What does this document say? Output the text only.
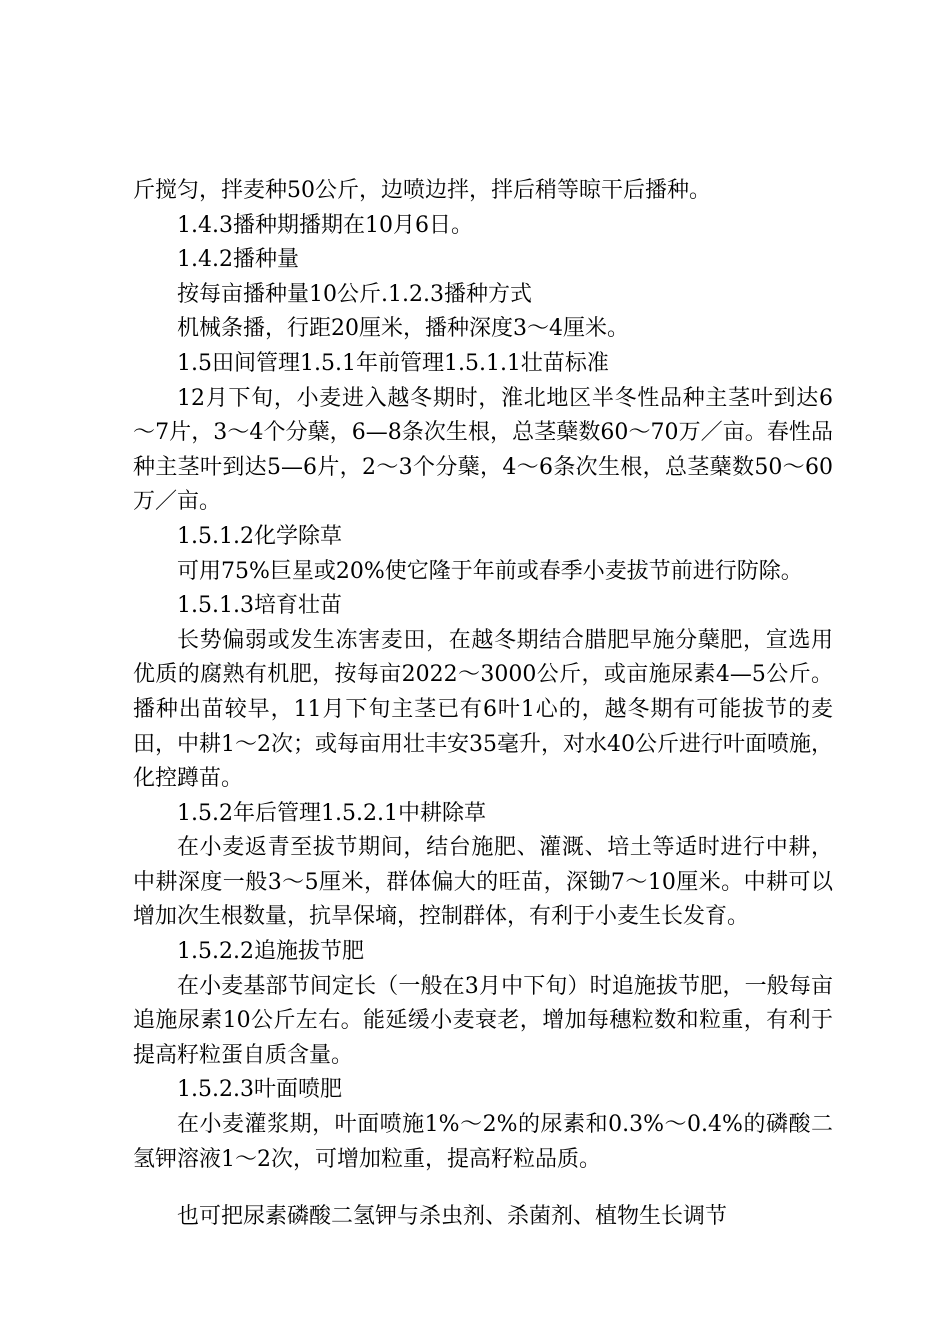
斤搅匀，拌麦种50公斤，边喷边拌，拌后稍等晾干后播种。

1.4.3播种期播期在10月6日。

1.4.2播种量

按每亩播种量10公斤.1.2.3播种方式

机械条播，行距20厘米，播种深度3～4厘米。

1.5田间管理1.5.1年前管理1.5.1.1壮苗标准

12月下旬，小麦进入越冬期时，淮北地区半冬性品种主茎叶到达6～7片，3～4个分蘖，6—8条次生根，总茎蘖数60～70万／亩。春性品种主茎叶到达5—6片，2～3个分蘖，4～6条次生根，总茎蘖数50～60万／亩。

1.5.1.2化学除草

可用75%巨星或20%使它隆于年前或春季小麦拔节前进行防除。

1.5.1.3培育壮苗

长势偏弱或发生冻害麦田，在越冬期结合腊肥早施分蘖肥，宣选用优质的腐熟有机肥，按每亩2022～3000公斤，或亩施尿素4—5公斤。播种出苗较早，11月下旬主茎已有6叶1心的，越冬期有可能拔节的麦田，中耕1～2次；或每亩用壮丰安35毫升，对水40公斤进行叶面喷施，化控蹲苗。

1.5.2年后管理1.5.2.1中耕除草

在小麦返青至拔节期间，结台施肥、灌溉、培土等适时进行中耕，中耕深度一般3～5厘米，群体偏大的旺苗，深锄7～10厘米。中耕可以增加次生根数量，抗旱保墒，控制群体，有利于小麦生长发育。

1.5.2.2追施拔节肥

在小麦基部节间定长（一般在3月中下旬）时追施拔节肥，一般每亩追施尿素10公斤左右。能延缓小麦衰老，增加每穗粒数和粒重，有利于提高籽粒蛋自质含量。

1.5.2.3叶面喷肥

在小麦灌浆期，叶面喷施1%～2%的尿素和0.3%～0.4%的磷酸二氢钾溶液1～2次，可增加粒重，提高籽粒品质。

也可把尿素磷酸二氢钾与杀虫剂、杀菌剂、植物生长调节
